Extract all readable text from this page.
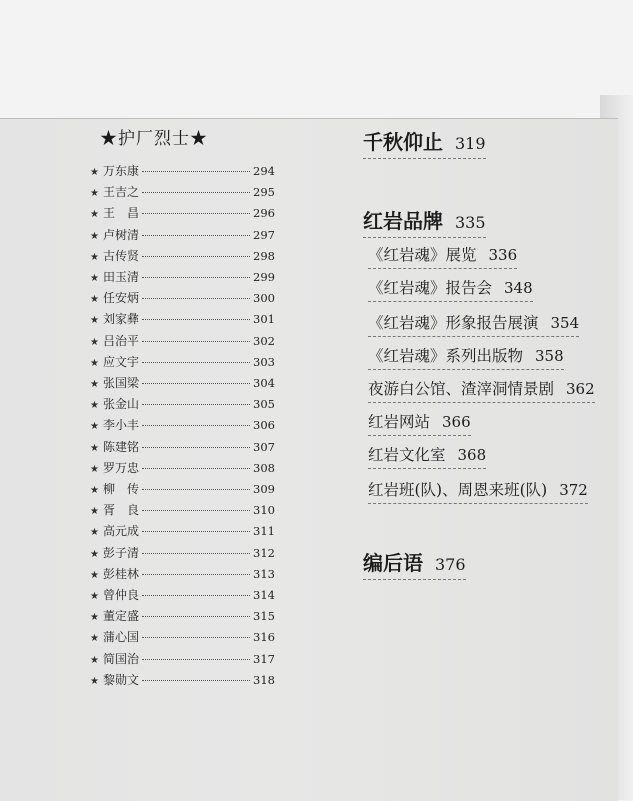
★护厂烈士★
★ 万东康	294
★ 王吉之	295
★ 王　昌	296
★ 卢树清	297
★ 古传贤	298
★ 田玉清	299
★ 任安炳	300
★ 刘家彝	301
★ 吕治平	302
★ 应文宇	303
★ 张国梁	304
★ 张金山	305
★ 李小丰	306
★ 陈建铭	307
★ 罗万忠	308
★ 柳　传	309
★ 胥　良	310
★ 高元成	311
★ 彭子清	312
★ 彭桂林	313
★ 曾仲良	314
★ 董定盛	315
★ 蒲心国	316
★ 简国治	317
★ 黎勋文	318
千秋仰止 319
红岩品牌 335
《红岩魂》展览 336
《红岩魂》报告会 348
《红岩魂》形象报告展演 354
《红岩魂》系列出版物 358
夜游白公馆、渣滓洞情景剧 362
红岩网站 366
红岩文化室 368
红岩班(队)、周恩来班(队) 372
编后语 376
